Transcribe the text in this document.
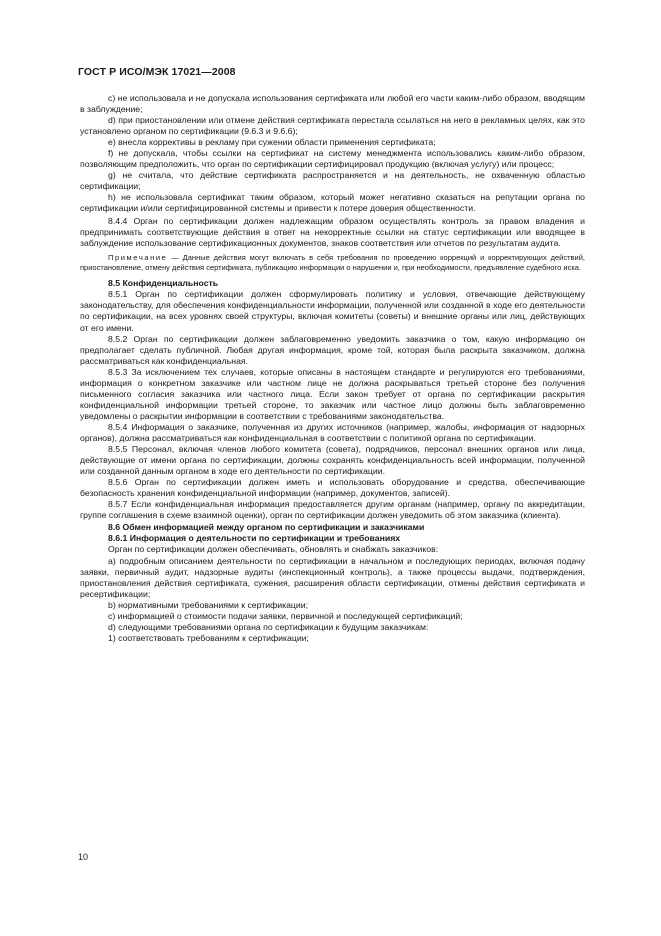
ГОСТ Р ИСО/МЭК 17021—2008

c) не использовала и не допускала использования сертификата или любой его части каким-либо образом, вводящим в заблуждение;

d) при приостановлении или отмене действия сертификата перестала ссылаться на него в рекламных целях, как это установлено органом по сертификации (9.6.3 и 9.6.6);

e) внесла коррективы в рекламу при сужении области применения сертификата;

f) не допускала, чтобы ссылки на сертификат на систему менеджмента использовались каким-либо образом, позволяющим предположить, что орган по сертификации сертифицировал продукцию (включая услугу) или процесс;

g) не считала, что действие сертификата распространяется и на деятельность, не охваченную областью сертификации;

h) не использовала сертификат таким образом, который может негативно сказаться на репутации органа по сертификации и/или сертифицированной системы и привести к потере доверия общественности.

8.4.4 Орган по сертификации должен надлежащим образом осуществлять контроль за правом владения и предпринимать соответствующие действия в ответ на некорректные ссылки на статус сертификации или вводящее в заблуждение использование сертификационных документов, знаков соответствия или отчетов по результатам аудита.

Примечание — Данные действия могут включать в себя требования по проведению коррекций и корректирующих действий, приостановление, отмену действия сертификата, публикацию информации о нарушении и, при необходимости, предъявление судебного иска.

8.5 Конфиденциальность

8.5.1 Орган по сертификации должен сформулировать политику и условия, отвечающие действующему законодательству, для обеспечения конфиденциальности информации, полученной или созданной в ходе его деятельности по сертификации, на всех уровнях своей структуры, включая комитеты (советы) и внешние органы или лиц, действующих от его имени.

8.5.2 Орган по сертификации должен заблаговременно уведомить заказчика о том, какую информацию он предполагает сделать публичной. Любая другая информация, кроме той, которая была раскрыта заказчиком, должна рассматриваться как конфиденциальная.

8.5.3 За исключением тех случаев, которые описаны в настоящем стандарте и регулируются его требованиями, информация о конкретном заказчике или частном лице не должна раскрываться третьей стороне без получения письменного согласия заказчика или частного лица. Если закон требует от органа по сертификации раскрытия конфиденциальной информации третьей стороне, то заказчик или частное лицо должны быть заблаговременно уведомлены о раскрытии информации в соответствии с требованиями законодательства.

8.5.4 Информация о заказчике, полученная из других источников (например, жалобы, информация от надзорных органов), должна рассматриваться как конфиденциальная в соответствии с политикой органа по сертификации.

8.5.5 Персонал, включая членов любого комитета (совета), подрядчиков, персонал внешних органов или лица, действующие от имени органа по сертификации, должны сохранять конфиденциальность всей информации, полученной или созданной данным органом в ходе его деятельности по сертификации.

8.5.6 Орган по сертификации должен иметь и использовать оборудование и средства, обеспечивающие безопасность хранения конфиденциальной информации (например, документов, записей).

8.5.7 Если конфиденциальная информация предоставляется другим органам (например, органу по аккредитации, группе соглашения в схеме взаимной оценки), орган по сертификации должен уведомить об этом заказчика (клиента).

8.6 Обмен информацией между органом по сертификации и заказчиками

8.6.1 Информация о деятельности по сертификации и требованиях

Орган по сертификации должен обеспечивать, обновлять и снабжать заказчиков:

a) подробным описанием деятельности по сертификации в начальном и последующих периодах, включая подачу заявки, первичный аудит, надзорные аудиты (инспекционный контроль), а также процессы выдачи, подтверждения, приостановления действия сертификата, сужения, расширения области сертификации, отмены действия сертификата и ресертификации;

b) нормативными требованиями к сертификации;

c) информацией о стоимости подачи заявки, первичной и последующей сертификаций;

d) следующими требованиями органа по сертификации к будущим заказчикам:

1) соответствовать требованиям к сертификации;

10
